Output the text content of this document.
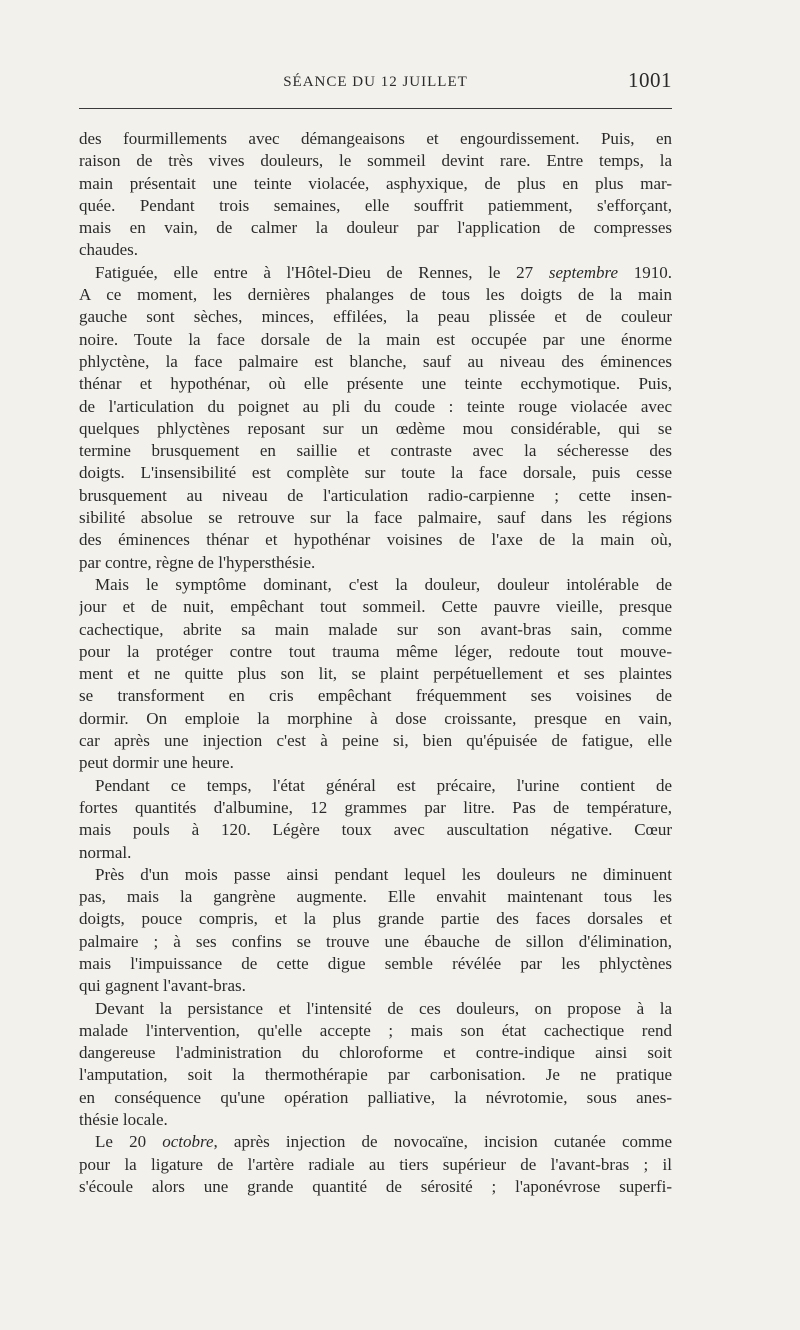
SÉANCE DU 12 JUILLET	1001
des fourmillements avec démangeaisons et engourdissement. Puis, en
raison de très vives douleurs, le sommeil devint rare. Entre temps, la
main présentait une teinte violacée, asphyxique, de plus en plus mar-
quée. Pendant trois semaines, elle souffrit patiemment, s'efforçant,
mais en vain, de calmer la douleur par l'application de compresses
chaudes.
Fatiguée, elle entre à l'Hôtel-Dieu de Rennes, le 27 septembre 1910.
A ce moment, les dernières phalanges de tous les doigts de la main
gauche sont sèches, minces, effilées, la peau plissée et de couleur
noire. Toute la face dorsale de la main est occupée par une énorme
phlyctène, la face palmaire est blanche, sauf au niveau des éminences
thénar et hypothénar, où elle présente une teinte ecchymotique. Puis,
de l'articulation du poignet au pli du coude : teinte rouge violacée avec
quelques phlyctènes reposant sur un œdème mou considérable, qui se
termine brusquement en saillie et contraste avec la sécheresse des
doigts. L'insensibilité est complète sur toute la face dorsale, puis cesse
brusquement au niveau de l'articulation radio-carpienne ; cette insen-
sibilité absolue se retrouve sur la face palmaire, sauf dans les régions
des éminences thénar et hypothénar voisines de l'axe de la main où,
par contre, règne de l'hypersthésie.
Mais le symptôme dominant, c'est la douleur, douleur intolérable de
jour et de nuit, empêchant tout sommeil. Cette pauvre vieille, presque
cachectique, abrite sa main malade sur son avant-bras sain, comme
pour la protéger contre tout trauma même léger, redoute tout mouve-
ment et ne quitte plus son lit, se plaint perpétuellement et ses plaintes
se transforment en cris empêchant fréquemment ses voisines de
dormir. On emploie la morphine à dose croissante, presque en vain,
car après une injection c'est à peine si, bien qu'épuisée de fatigue, elle
peut dormir une heure.
Pendant ce temps, l'état général est précaire, l'urine contient de
fortes quantités d'albumine, 12 grammes par litre. Pas de température,
mais pouls à 120. Légère toux avec auscultation négative. Cœur
normal.
Près d'un mois passe ainsi pendant lequel les douleurs ne diminuent
pas, mais la gangrène augmente. Elle envahit maintenant tous les
doigts, pouce compris, et la plus grande partie des faces dorsales et
palmaire ; à ses confins se trouve une ébauche de sillon d'élimination,
mais l'impuissance de cette digue semble révélée par les phlyctènes
qui gagnent l'avant-bras.
Devant la persistance et l'intensité de ces douleurs, on propose à la
malade l'intervention, qu'elle accepte ; mais son état cachectique rend
dangereuse l'administration du chloroforme et contre-indique ainsi soit
l'amputation, soit la thermothérapie par carbonisation. Je ne pratique
en conséquence qu'une opération palliative, la névrotomie, sous anes-
thésie locale.
Le 20 octobre, après injection de novocaïne, incision cutanée comme
pour la ligature de l'artère radiale au tiers supérieur de l'avant-bras ; il
s'écoule alors une grande quantité de sérosité ; l'aponévrose superfi-
